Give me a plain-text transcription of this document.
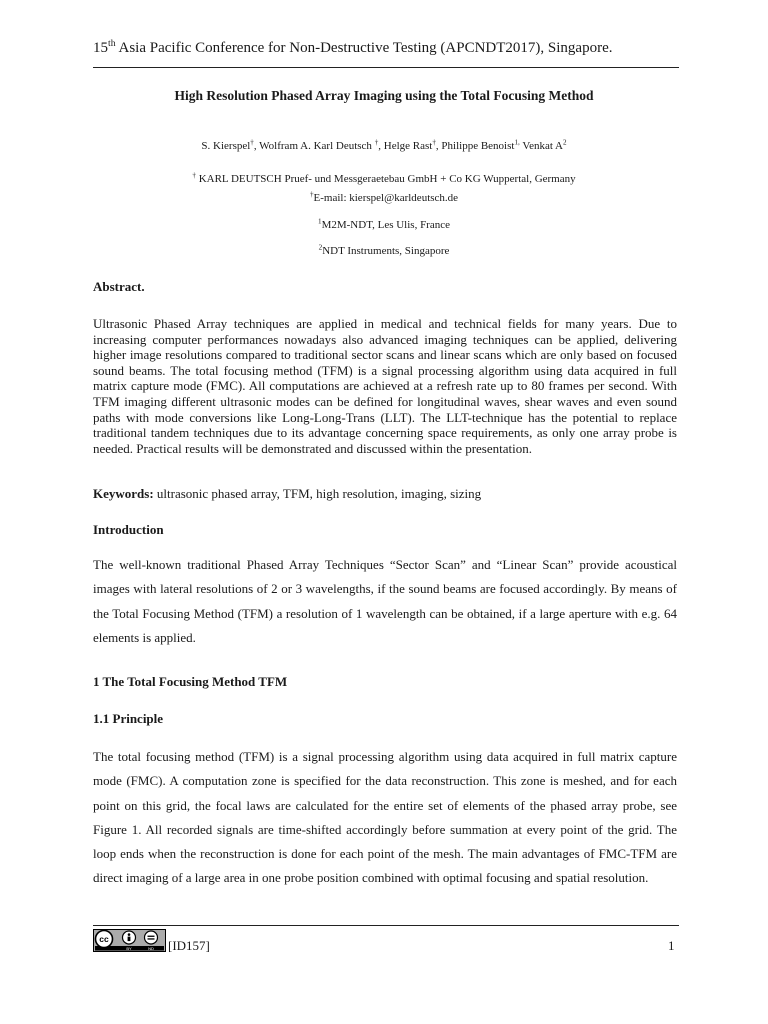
15th Asia Pacific Conference for Non-Destructive Testing (APCNDT2017), Singapore.
High Resolution Phased Array Imaging using the Total Focusing Method
S. Kierspel†, Wolfram A. Karl Deutsch †, Helge Rast†, Philippe Benoist$^{1,}$ Venkat $A^2$
† KARL DEUTSCH Pruef- und Messgeraetebau GmbH + Co KG Wuppertal, Germany
†E-mail: kierspel@karldeutsch.de
$^1$M2M-NDT, Les Ulis, France
$^2$NDT Instruments, Singapore
Abstract.

Ultrasonic Phased Array techniques are applied in medical and technical fields for many years. Due to increasing computer performances nowadays also advanced imaging techniques can be applied, delivering higher image resolutions compared to traditional sector scans and linear scans which are only based on focused sound beams. The total focusing method (TFM) is a signal processing algorithm using data acquired in full matrix capture mode (FMC). All computations are achieved at a refresh rate up to 80 frames per second. With TFM imaging different ultrasonic modes can be defined for longitudinal waves, shear waves and even sound paths with mode conversions like Long-Long-Trans (LLT). The LLT-technique has the potential to replace traditional tandem techniques due to its advantage concerning space requirements, as only one array probe is needed. Practical results will be demonstrated and discussed within the presentation.

Keywords: ultrasonic phased array, TFM, high resolution, imaging, sizing

Introduction

The well-known traditional Phased Array Techniques “Sector Scan” and “Linear Scan” provide acoustical images with lateral resolutions of 2 or 3 wavelengths, if the sound beams are focused accordingly. By means of the Total Focusing Method (TFM) a resolution of 1 wavelength can be obtained, if a large aperture with e.g. 64 elements is applied.

1 The Total Focusing Method TFM
1.1 Principle

The total focusing method (TFM) is a signal processing algorithm using data acquired in full matrix capture mode (FMC). A computation zone is specified for the data reconstruction. This zone is meshed, and for each point on this grid, the focal laws are calculated for the entire set of elements of the phased array probe, see Figure 1. All recorded signals are time-shifted accordingly before summation at every point of the grid. The loop ends when the reconstruction is done for each point of the mesh. The main advantages of FMC-TFM are direct imaging of a large area in one probe position combined with optimal focusing and spatial resolution.

cc
BY	ND [ID157]	1
